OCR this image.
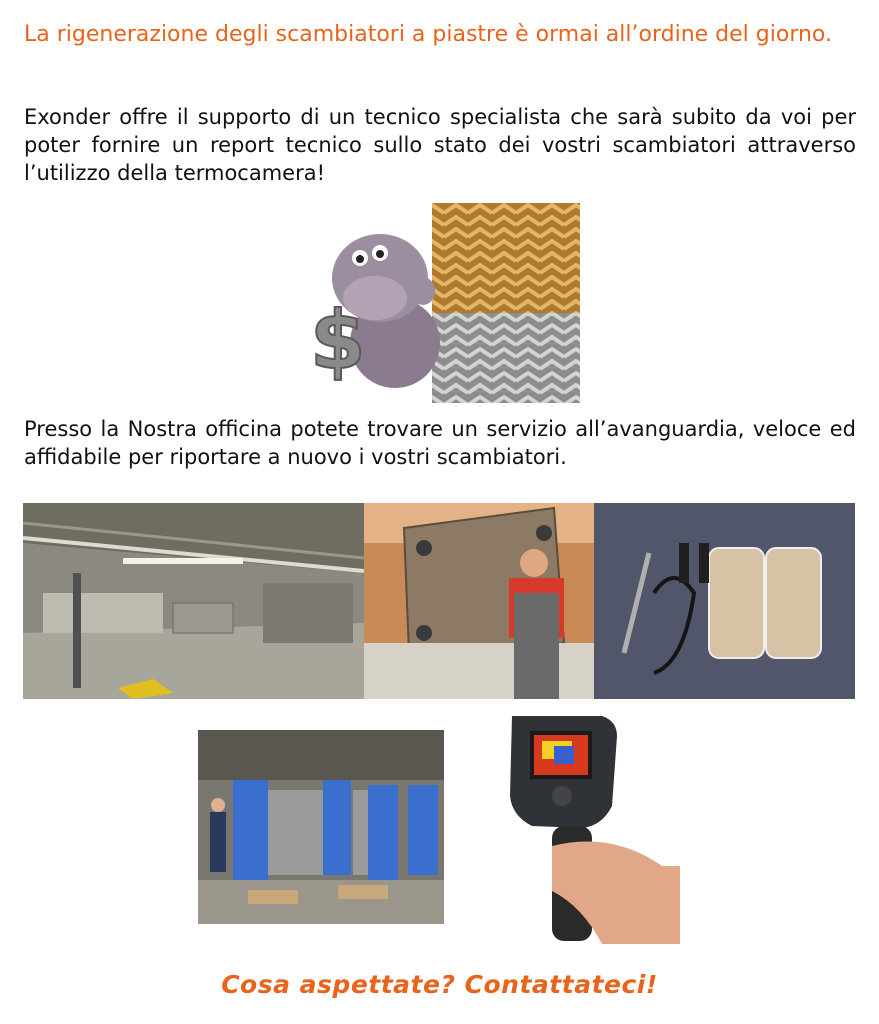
La rigenerazione degli scambiatori a piastre è ormai all’ordine del giorno.

Exonder offre il supporto di un tecnico specialista che sarà subito da voi per poter fornire un report tecnico sullo stato dei vostri scambiatori attraverso l’utilizzo della termocamera!

$

Presso la Nostra officina potete trovare un servizio all’avanguardia, veloce ed affidabile per riportare a nuovo i vostri scambiatori.

Cosa aspettate? Contattateci!
